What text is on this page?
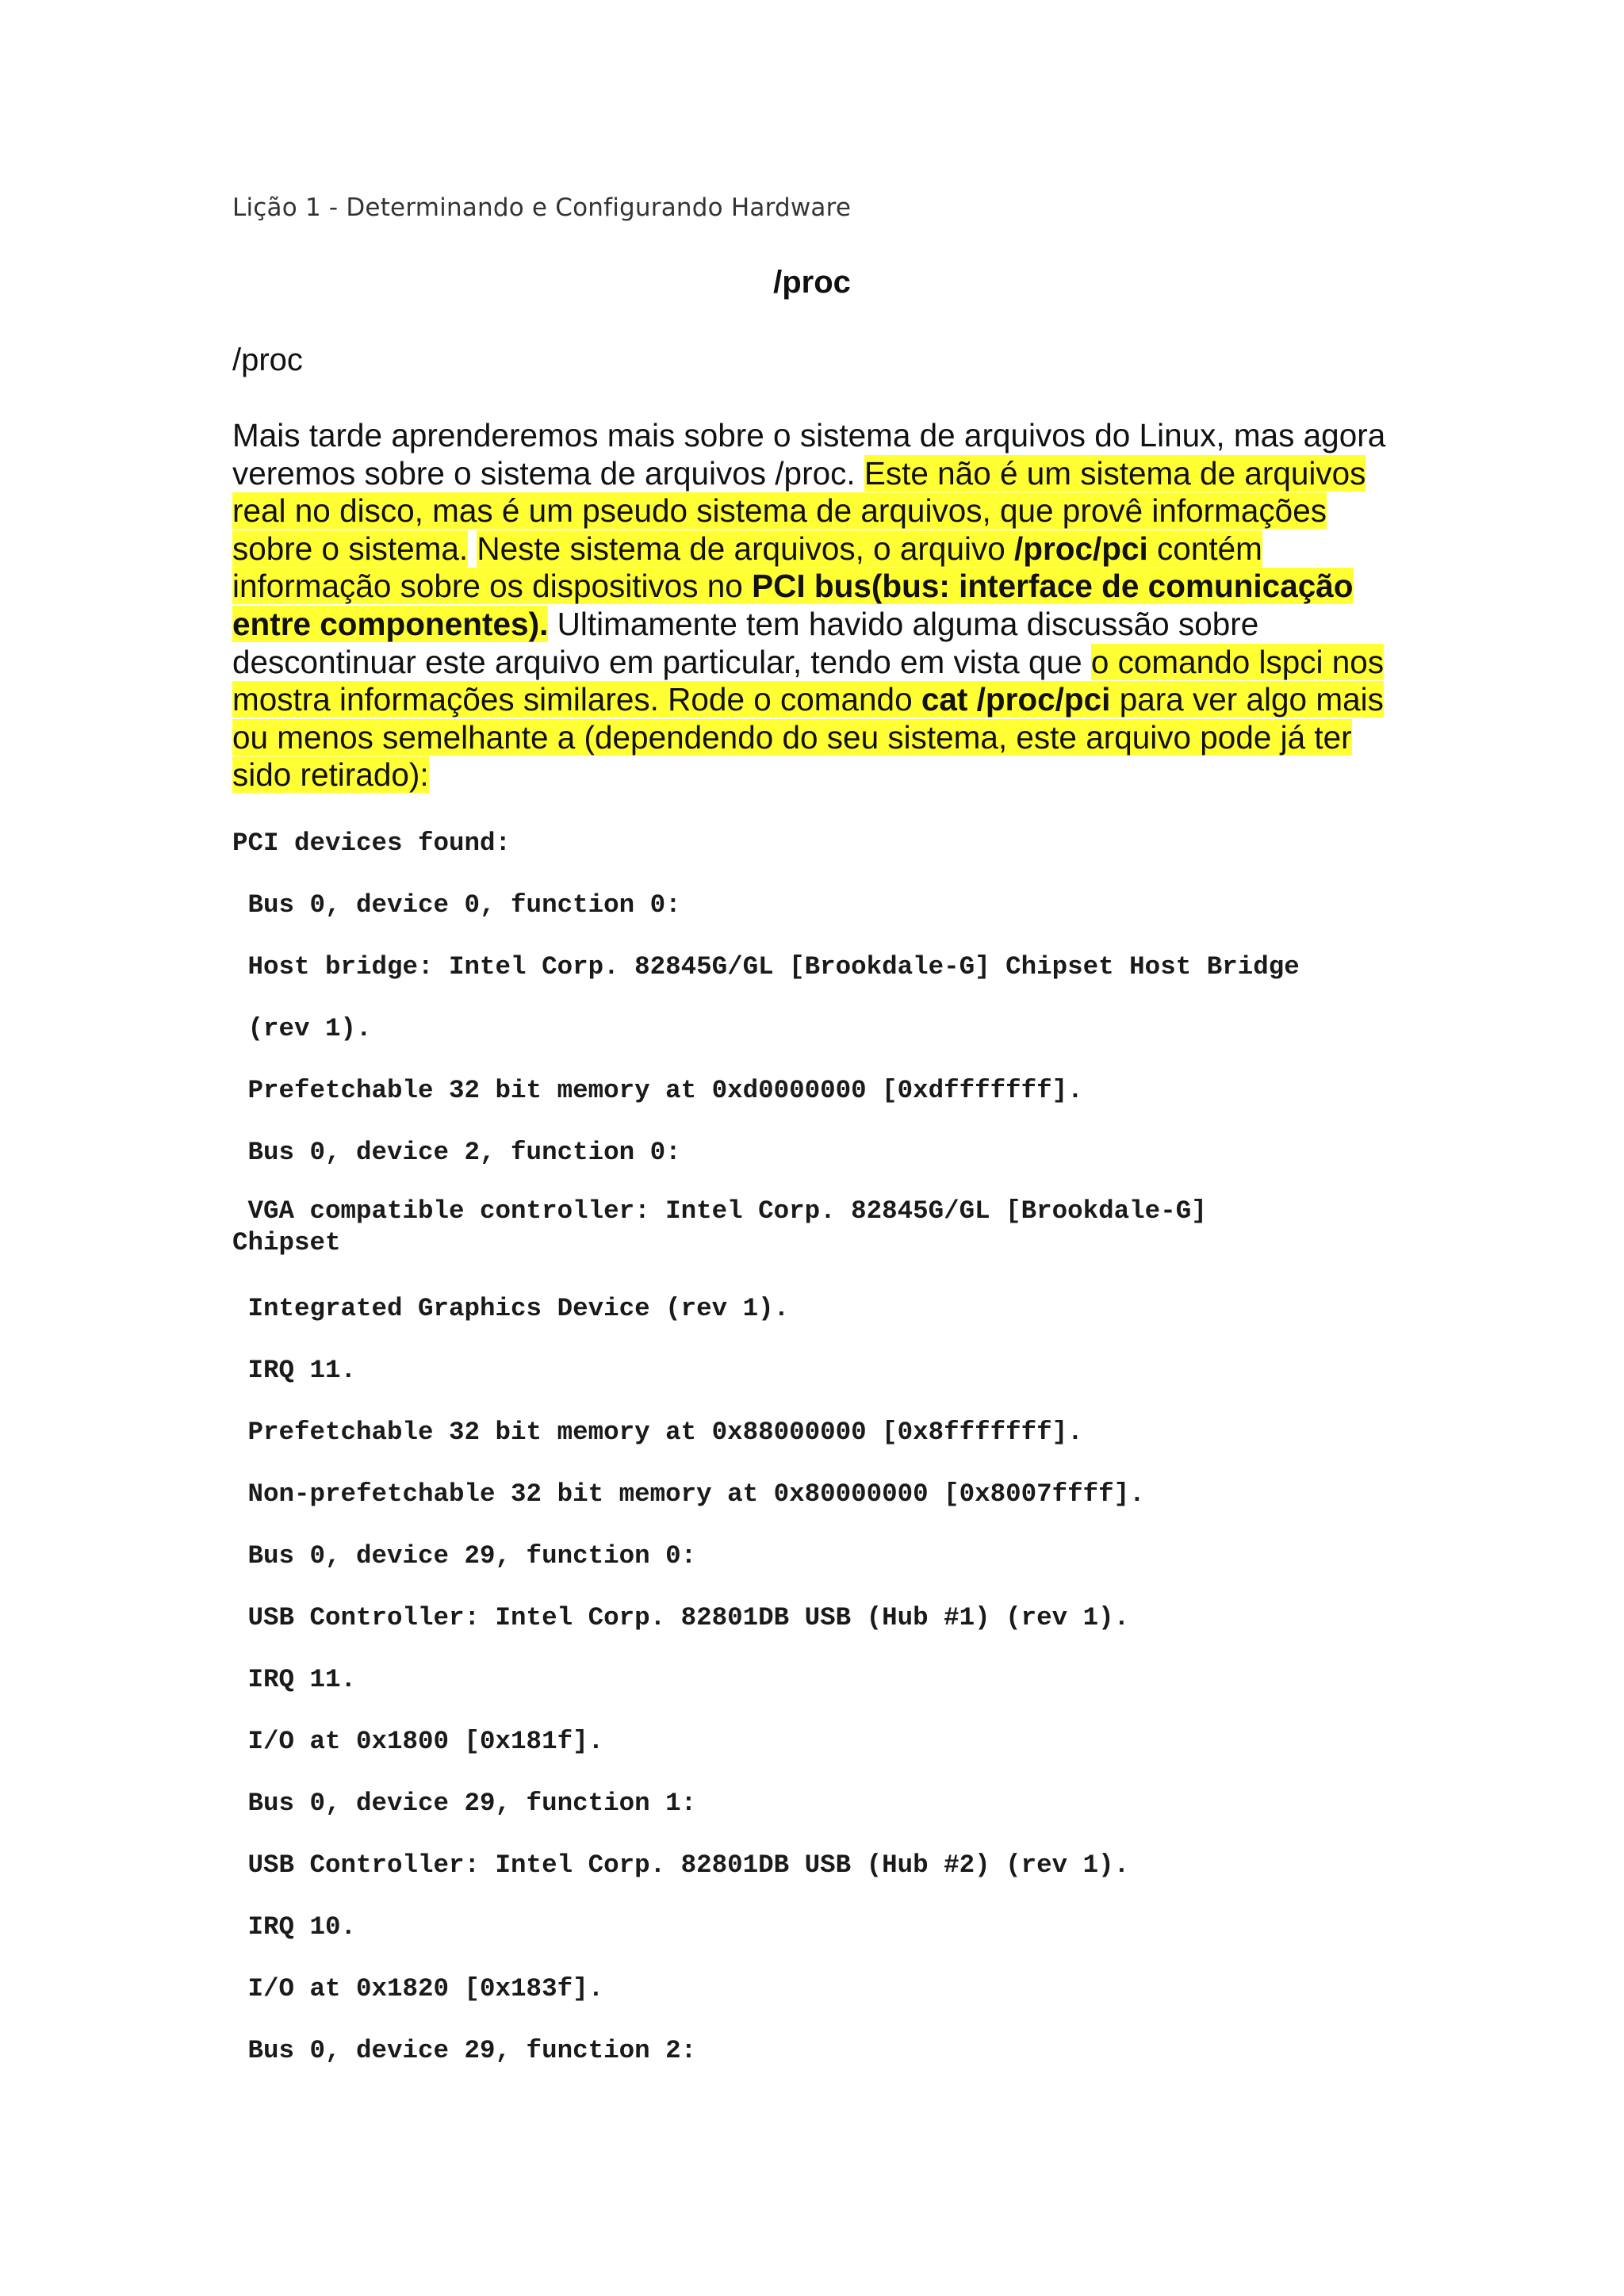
Lição 1 - Determinando e Configurando Hardware
/proc
/proc

Mais tarde aprenderemos mais sobre o sistema de arquivos do Linux, mas agora veremos sobre o sistema de arquivos /proc. Este não é um sistema de arquivos real no disco, mas é um pseudo sistema de arquivos, que provê informações sobre o sistema. Neste sistema de arquivos, o arquivo /proc/pci contém informação sobre os dispositivos no PCI bus(bus: interface de comunicação entre componentes). Ultimamente tem havido alguma discussão sobre descontinuar este arquivo em particular, tendo em vista que o comando lspci nos mostra informações similares. Rode o comando cat /proc/pci para ver algo mais ou menos semelhante a (dependendo do seu sistema, este arquivo pode já ter sido retirado):

PCI devices found:
Bus 0, device 0, function 0:
Host bridge: Intel Corp. 82845G/GL [Brookdale-G] Chipset Host Bridge
(rev 1).
Prefetchable 32 bit memory at 0xd0000000 [0xdfffffff].
Bus 0, device 2, function 0:
VGA compatible controller: Intel Corp. 82845G/GL [Brookdale-G]
Chipset
Integrated Graphics Device (rev 1).
IRQ 11.
Prefetchable 32 bit memory at 0x88000000 [0x8fffffff].
Non-prefetchable 32 bit memory at 0x80000000 [0x8007ffff].
Bus 0, device 29, function 0:
USB Controller: Intel Corp. 82801DB USB (Hub #1) (rev 1).
IRQ 11.
I/O at 0x1800 [0x181f].
Bus 0, device 29, function 1:
USB Controller: Intel Corp. 82801DB USB (Hub #2) (rev 1).
IRQ 10.
I/O at 0x1820 [0x183f].
Bus 0, device 29, function 2:
